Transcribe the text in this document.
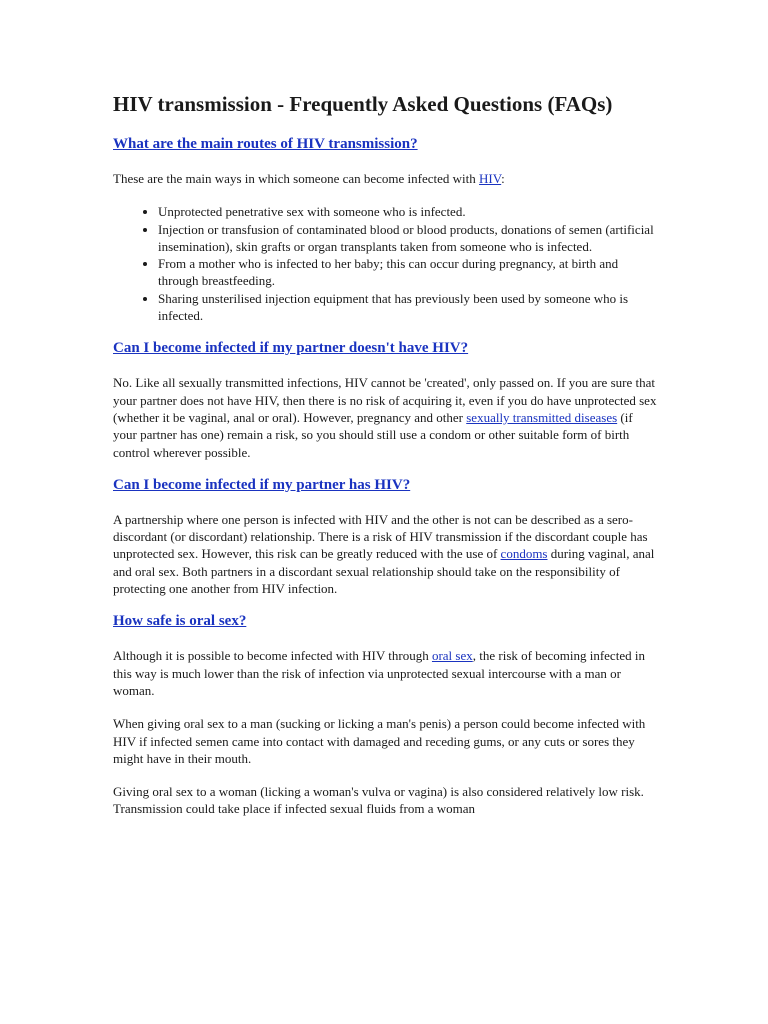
HIV transmission - Frequently Asked Questions (FAQs)
What are the main routes of HIV transmission?

These are the main ways in which someone can become infected with HIV:

• Unprotected penetrative sex with someone who is infected.
• Injection or transfusion of contaminated blood or blood products, donations of semen (artificial insemination), skin grafts or organ transplants taken from someone who is infected.
• From a mother who is infected to her baby; this can occur during pregnancy, at birth and through breastfeeding.
• Sharing unsterilised injection equipment that has previously been used by someone who is infected.
Can I become infected if my partner doesn't have HIV?

No. Like all sexually transmitted infections, HIV cannot be 'created', only passed on. If you are sure that your partner does not have HIV, then there is no risk of acquiring it, even if you do have unprotected sex (whether it be vaginal, anal or oral). However, pregnancy and other sexually transmitted diseases (if your partner has one) remain a risk, so you should still use a condom or other suitable form of birth control wherever possible.

Can I become infected if my partner has HIV?

A partnership where one person is infected with HIV and the other is not can be described as a sero-discordant (or discordant) relationship. There is a risk of HIV transmission if the discordant couple has unprotected sex. However, this risk can be greatly reduced with the use of condoms during vaginal, anal and oral sex. Both partners in a discordant sexual relationship should take on the responsibility of protecting one another from HIV infection.

How safe is oral sex?

Although it is possible to become infected with HIV through oral sex, the risk of becoming infected in this way is much lower than the risk of infection via unprotected sexual intercourse with a man or woman.

When giving oral sex to a man (sucking or licking a man's penis) a person could become infected with HIV if infected semen came into contact with damaged and receding gums, or any cuts or sores they might have in their mouth.

Giving oral sex to a woman (licking a woman's vulva or vagina) is also considered relatively low risk. Transmission could take place if infected sexual fluids from a woman
